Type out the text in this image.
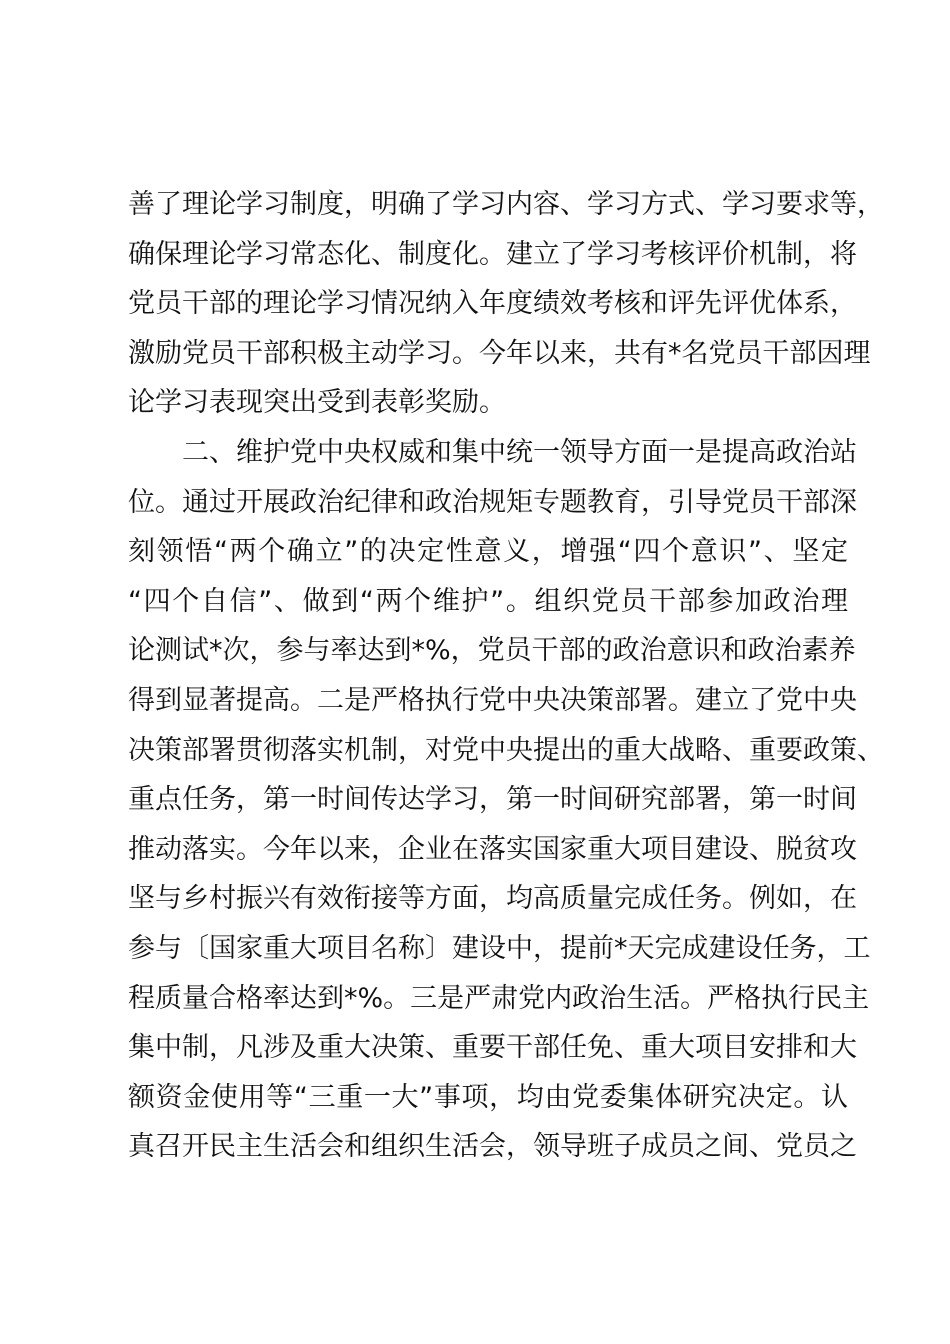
善了理论学习制度，明确了学习内容、学习方式、学习要求等，
确保理论学习常态化、制度化。建立了学习考核评价机制，将
党员干部的理论学习情况纳入年度绩效考核和评先评优体系，
激励党员干部积极主动学习。今年以来，共有*名党员干部因理
论学习表现突出受到表彰奖励。
二、维护党中央权威和集中统一领导方面一是提高政治站
位。通过开展政治纪律和政治规矩专题教育，引导党员干部深
刻领悟“两个确立”的决定性意义，增强“四个意识”、坚定
“四个自信”、做到“两个维护”。组织党员干部参加政治理
论测试*次，参与率达到*%，党员干部的政治意识和政治素养
得到显著提高。二是严格执行党中央决策部署。建立了党中央
决策部署贯彻落实机制，对党中央提出的重大战略、重要政策、
重点任务，第一时间传达学习，第一时间研究部署，第一时间
推动落实。今年以来，企业在落实国家重大项目建设、脱贫攻
坚与乡村振兴有效衔接等方面，均高质量完成任务。例如，在
参与〔国家重大项目名称〕建设中，提前*天完成建设任务，工
程质量合格率达到*%。三是严肃党内政治生活。严格执行民主
集中制，凡涉及重大决策、重要干部任免、重大项目安排和大
额资金使用等“三重一大”事项，均由党委集体研究决定。认
真召开民主生活会和组织生活会，领导班子成员之间、党员之
